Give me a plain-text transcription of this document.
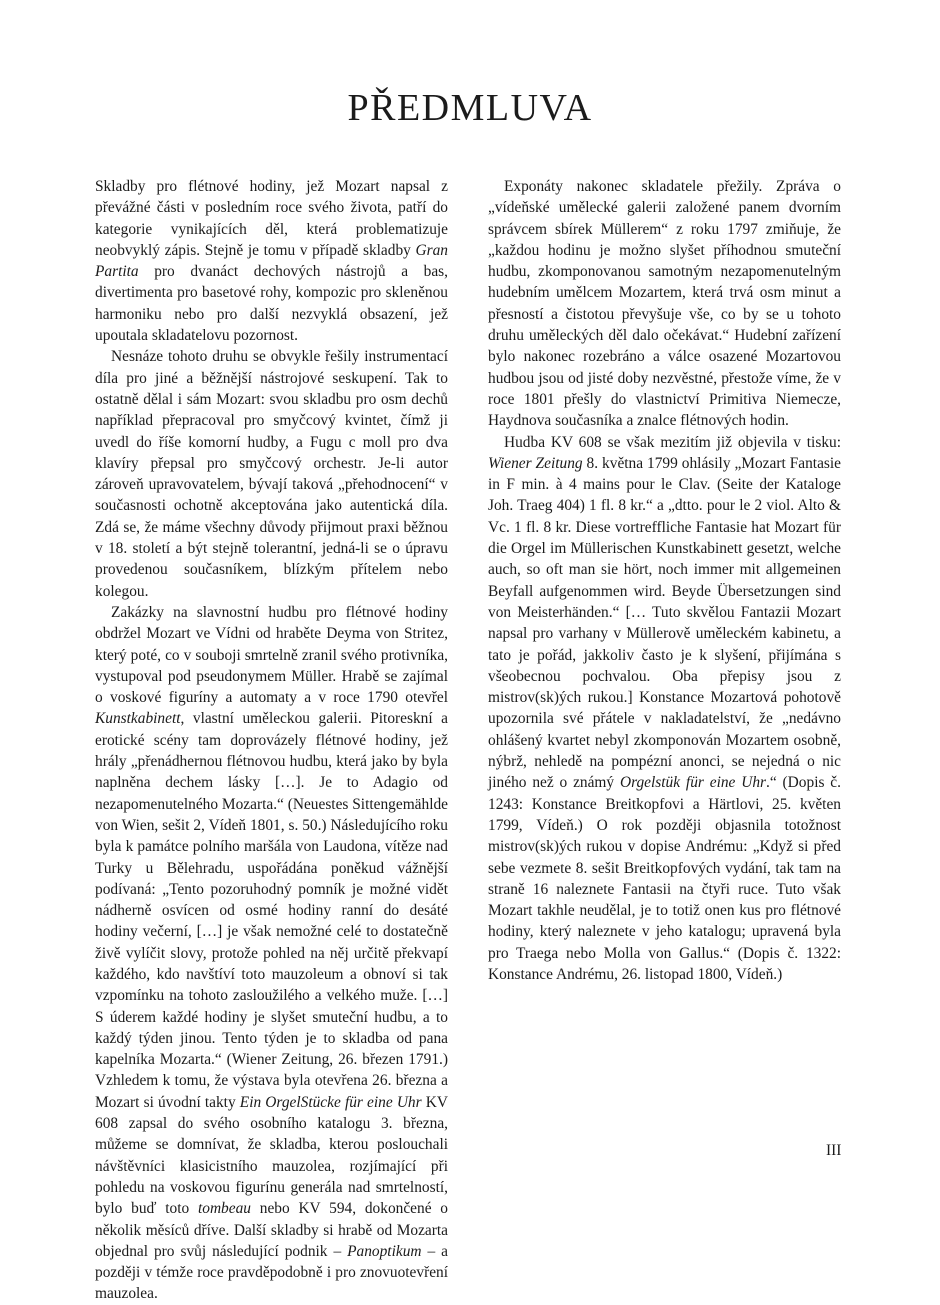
PŘEDMLUVA

Skladby pro flétnové hodiny, jež Mozart napsal z převážné části v posledním roce svého života, patří do kategorie vynikajících děl, která problematizuje neobvyklý zápis. Stejně je tomu v případě skladby Gran Partita pro dvanáct dechových nástrojů a bas, divertimenta pro basetové rohy, kompozic pro skleněnou harmoniku nebo pro další nezvyklá obsazení, jež upoutala skladatelovu pozornost.

Nesnáze tohoto druhu se obvykle řešily instrumentací díla pro jiné a běžnější nástrojové seskupení. Tak to ostatně dělal i sám Mozart: svou skladbu pro osm dechů například přepracoval pro smyčcový kvintet, čímž ji uvedl do říše komorní hudby, a Fugu c moll pro dva klavíry přepsal pro smyčcový orchestr. Je-li autor zároveň upravovatelem, bývají taková „přehodnocení“ v současnosti ochotně akceptována jako autentická díla. Zdá se, že máme všechny důvody přijmout praxi běžnou v 18. století a být stejně tolerantní, jedná-li se o úpravu provedenou současníkem, blízkým přítelem nebo kolegou.

Zakázky na slavnostní hudbu pro flétnové hodiny obdržel Mozart ve Vídni od hraběte Deyma von Stritez, který poté, co v souboji smrtelně zranil svého protivníka, vystupoval pod pseudonymem Müller. Hrabě se zajímal o voskové figuríny a automaty a v roce 1790 otevřel Kunstkabinett, vlastní uměleckou galerii. Pitoreskní a erotické scény tam doprovázely flétnové hodiny, jež hrály „přenádhernou flétnovou hudbu, která jako by byla naplněna dechem lásky […]. Je to Adagio od nezapomenutelného Mozarta.“ (Neuestes Sittengemählde von Wien, sešit 2, Vídeň 1801, s. 50.) Následujícího roku byla k památce polního maršála von Laudona, vítěze nad Turky u Bělehradu, uspořádána poněkud vážnější podívaná: „Tento pozoruhodný pomník je možné vidět nádherně osvícen od osmé hodiny ranní do desáté hodiny večerní, […] je však nemožné celé to dostatečně živě vylíčit slovy, protože pohled na něj určitě překvapí každého, kdo navštíví toto mauzoleum a obnoví si tak vzpomínku na tohoto zasloužilého a velkého muže. […] S úderem každé hodiny je slyšet smuteční hudbu, a to každý týden jinou. Tento týden je to skladba od pana kapelníka Mozarta.“ (Wiener Zeitung, 26. březen 1791.) Vzhledem k tomu, že výstava byla otevřena 26. března a Mozart si úvodní takty Ein OrgelStücke für eine Uhr KV 608 zapsal do svého osobního katalogu 3. března, můžeme se domnívat, že skladba, kterou poslouchali návštěvníci klasicistního mauzolea, rozjímající při pohledu na voskovou figurínu generála nad smrtelností, bylo buď toto tombeau nebo KV 594, dokončené o několik měsíců dříve. Další skladby si hrabě od Mozarta objednal pro svůj následující podnik – Panoptikum – a později v témže roce pravděpodobně i pro znovuotevření mauzolea.

Exponáty nakonec skladatele přežily. Zpráva o „vídeňské umělecké galerii založené panem dvorním správcem sbírek Müllerem“ z roku 1797 zmiňuje, že „každou hodinu je možno slyšet příhodnou smuteční hudbu, zkomponovanou samotným nezapomenutelným hudebním umělcem Mozartem, která trvá osm minut a přesností a čistotou převyšuje vše, co by se u tohoto druhu uměleckých děl dalo očekávat.“ Hudební zařízení bylo nakonec rozebráno a válce osazené Mozartovou hudbou jsou od jisté doby nezvěstné, přestože víme, že v roce 1801 přešly do vlastnictví Primitiva Niemecze, Haydnova současníka a znalce flétnových hodin.

Hudba KV 608 se však mezitím již objevila v tisku: Wiener Zeitung 8. května 1799 ohlásily „Mozart Fantasie in F min. à 4 mains pour le Clav. (Seite der Kataloge Joh. Traeg 404) 1 fl. 8 kr.“ a „dtto. pour le 2 viol. Alto & Vc. 1 fl. 8 kr. Diese vortreffliche Fantasie hat Mozart für die Orgel im Müllerischen Kunstkabinett gesetzt, welche auch, so oft man sie hört, noch immer mit allgemeinen Beyfall aufgenommen wird. Beyde Übersetzungen sind von Meisterhänden.“ [… Tuto skvělou Fantazii Mozart napsal pro varhany v Müllerově uměleckém kabinetu, a tato je pořád, jakkoliv často je k slyšení, přijímána s všeobecnou pochvalou. Oba přepisy jsou z mistrov(sk)ých rukou.] Konstance Mozartová pohotově upozornila své přátele v nakladatelství, že „nedávno ohlášený kvartet nebyl zkomponován Mozartem osobně, nýbrž, nehledě na pompézní anonci, se nejedná o nic jiného než o známý Orgelstük für eine Uhr.“ (Dopis č. 1243: Konstance Breitkopfovi a Härtlovi, 25. květen 1799, Vídeň.) O rok později objasnila totožnost mistrov(sk)ých rukou v dopise Andrému: „Když si před sebe vezmete 8. sešit Breitkopfových vydání, tak tam na straně 16 naleznete Fantasii na čtyři ruce. Tuto však Mozart takhle neudělal, je to totiž onen kus pro flétnové hodiny, který naleznete v jeho katalogu; upravená byla pro Traega nebo Molla von Gallus.“ (Dopis č. 1322: Konstance Andrému, 26. listopad 1800, Vídeň.)

III
